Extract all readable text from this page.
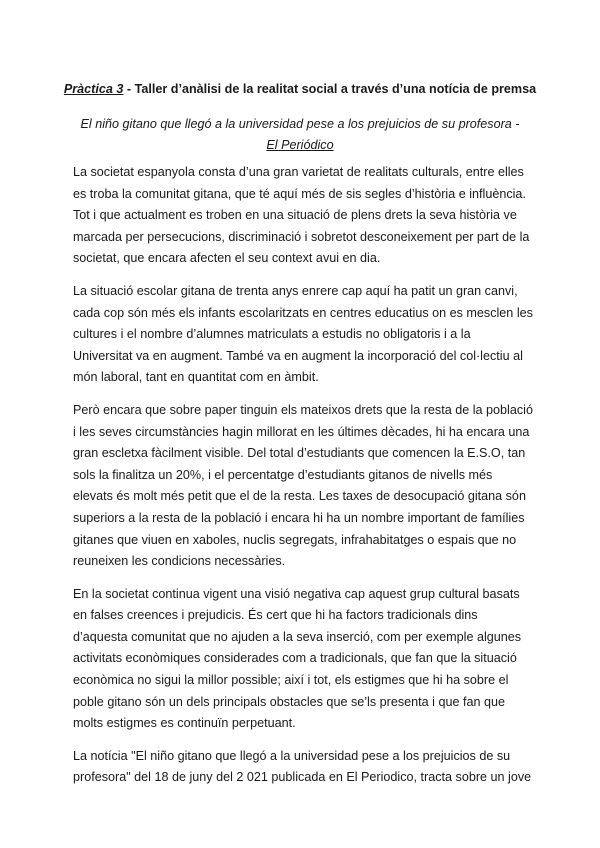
Pràctica 3 - Taller d’anàlisi de la realitat social a través d’una notícia de premsa
El niño gitano que llegó a la universidad pese a los prejuicios de su profesora - El Periódico

La societat espanyola consta d’una gran varietat de realitats culturals, entre elles es troba la comunitat gitana, que té aquí més de sis segles d’història e influència. Tot i que actualment es troben en una situació de plens drets la seva història ve marcada per persecucions, discriminació i sobretot desconeixement per part de la societat, que encara afecten el seu context avui en dia.

La situació escolar gitana de trenta anys enrere cap aquí ha patit un gran canvi, cada cop són més els infants escolaritzats en centres educatius on es mesclen les cultures i el nombre d’alumnes matriculats a estudis no obligatoris i a la Universitat va en augment. També va en augment la incorporació del col·lectiu al món laboral, tant en quantitat com en àmbit.

Però encara que sobre paper tinguin els mateixos drets que la resta de la població i les seves circumstàncies hagin millorat en les últimes dècades, hi ha encara una gran escletxa fàcilment visible. Del total d’estudiants que comencen la E.S.O, tan sols la finalitza un 20%, i el percentatge d’estudiants gitanos de nivells més elevats és molt més petit que el de la resta. Les taxes de desocupació gitana són superiors a la resta de la població i encara hi ha un nombre important de famílies gitanes que viuen en xaboles, nuclis segregats, infrahabitatges o espais que no reuneixen les condicions necessàries.

En la societat continua vigent una visió negativa cap aquest grup cultural basats en falses creences i prejudicis. És cert que hi ha factors tradicionals dins d’aquesta comunitat que no ajuden a la seva inserció, com per exemple algunes activitats econòmiques considerades com a tradicionals, que fan que la situació econòmica no sigui la millor possible; així i tot, els estigmes que hi ha sobre el poble gitano són un dels principals obstacles que se’ls presenta i que fan que molts estigmes es continuïn perpetuant.

La notícia "El niño gitano que llegó a la universidad pese a los prejuicios de su profesora" del 18 de juny del 2 021 publicada en El Periodico, tracta sobre un jove
